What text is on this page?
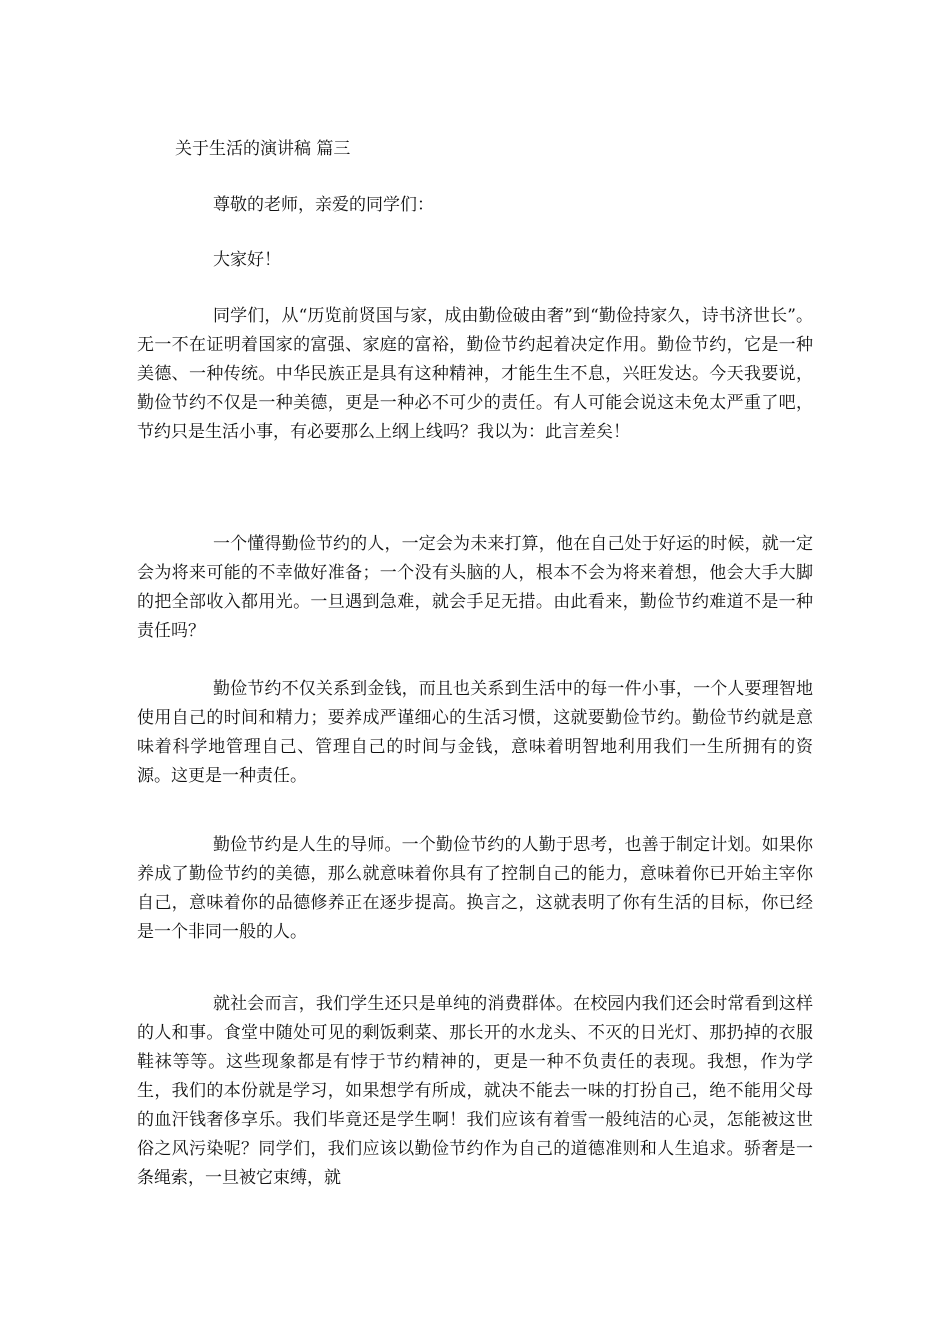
关于生活的演讲稿 篇三
尊敬的老师，亲爱的同学们：
大家好！

同学们，从“历览前贤国与家，成由勤俭破由奢”到“勤俭持家久，诗书济世长”。无一不在证明着国家的富强、家庭的富裕，勤俭节约起着决定作用。勤俭节约，它是一种美德、一种传统。中华民族正是具有这种精神，才能生生不息，兴旺发达。今天我要说，勤俭节约不仅是一种美德，更是一种必不可少的责任。有人可能会说这未免太严重了吧，节约只是生活小事，有必要那么上纲上线吗？我以为：此言差矣！

一个懂得勤俭节约的人，一定会为未来打算，他在自己处于好运的时候，就一定会为将来可能的不幸做好准备；一个没有头脑的人，根本不会为将来着想，他会大手大脚的把全部收入都用光。一旦遇到急难，就会手足无措。由此看来，勤俭节约难道不是一种责任吗？

勤俭节约不仅关系到金钱，而且也关系到生活中的每一件小事，一个人要理智地使用自己的时间和精力；要养成严谨细心的生活习惯，这就要勤俭节约。勤俭节约就是意味着科学地管理自己、管理自己的时间与金钱，意味着明智地利用我们一生所拥有的资源。这更是一种责任。

勤俭节约是人生的导师。一个勤俭节约的人勤于思考，也善于制定计划。如果你养成了勤俭节约的美德，那么就意味着你具有了控制自己的能力，意味着你已开始主宰你自己，意味着你的品德修养正在逐步提高。换言之，这就表明了你有生活的目标，你已经是一个非同一般的人。

就社会而言，我们学生还只是单纯的消费群体。在校园内我们还会时常看到这样的人和事。食堂中随处可见的剩饭剩菜、那长开的水龙头、不灭的日光灯、那扔掉的衣服鞋袜等等。这些现象都是有悖于节约精神的，更是一种不负责任的表现。我想，作为学生，我们的本份就是学习，如果想学有所成，就决不能去一味的打扮自己，绝不能用父母的血汗钱奢侈享乐。我们毕竟还是学生啊！我们应该有着雪一般纯洁的心灵，怎能被这世俗之风污染呢？同学们，我们应该以勤俭节约作为自己的道德准则和人生追求。骄奢是一条绳索，一旦被它束缚，就
